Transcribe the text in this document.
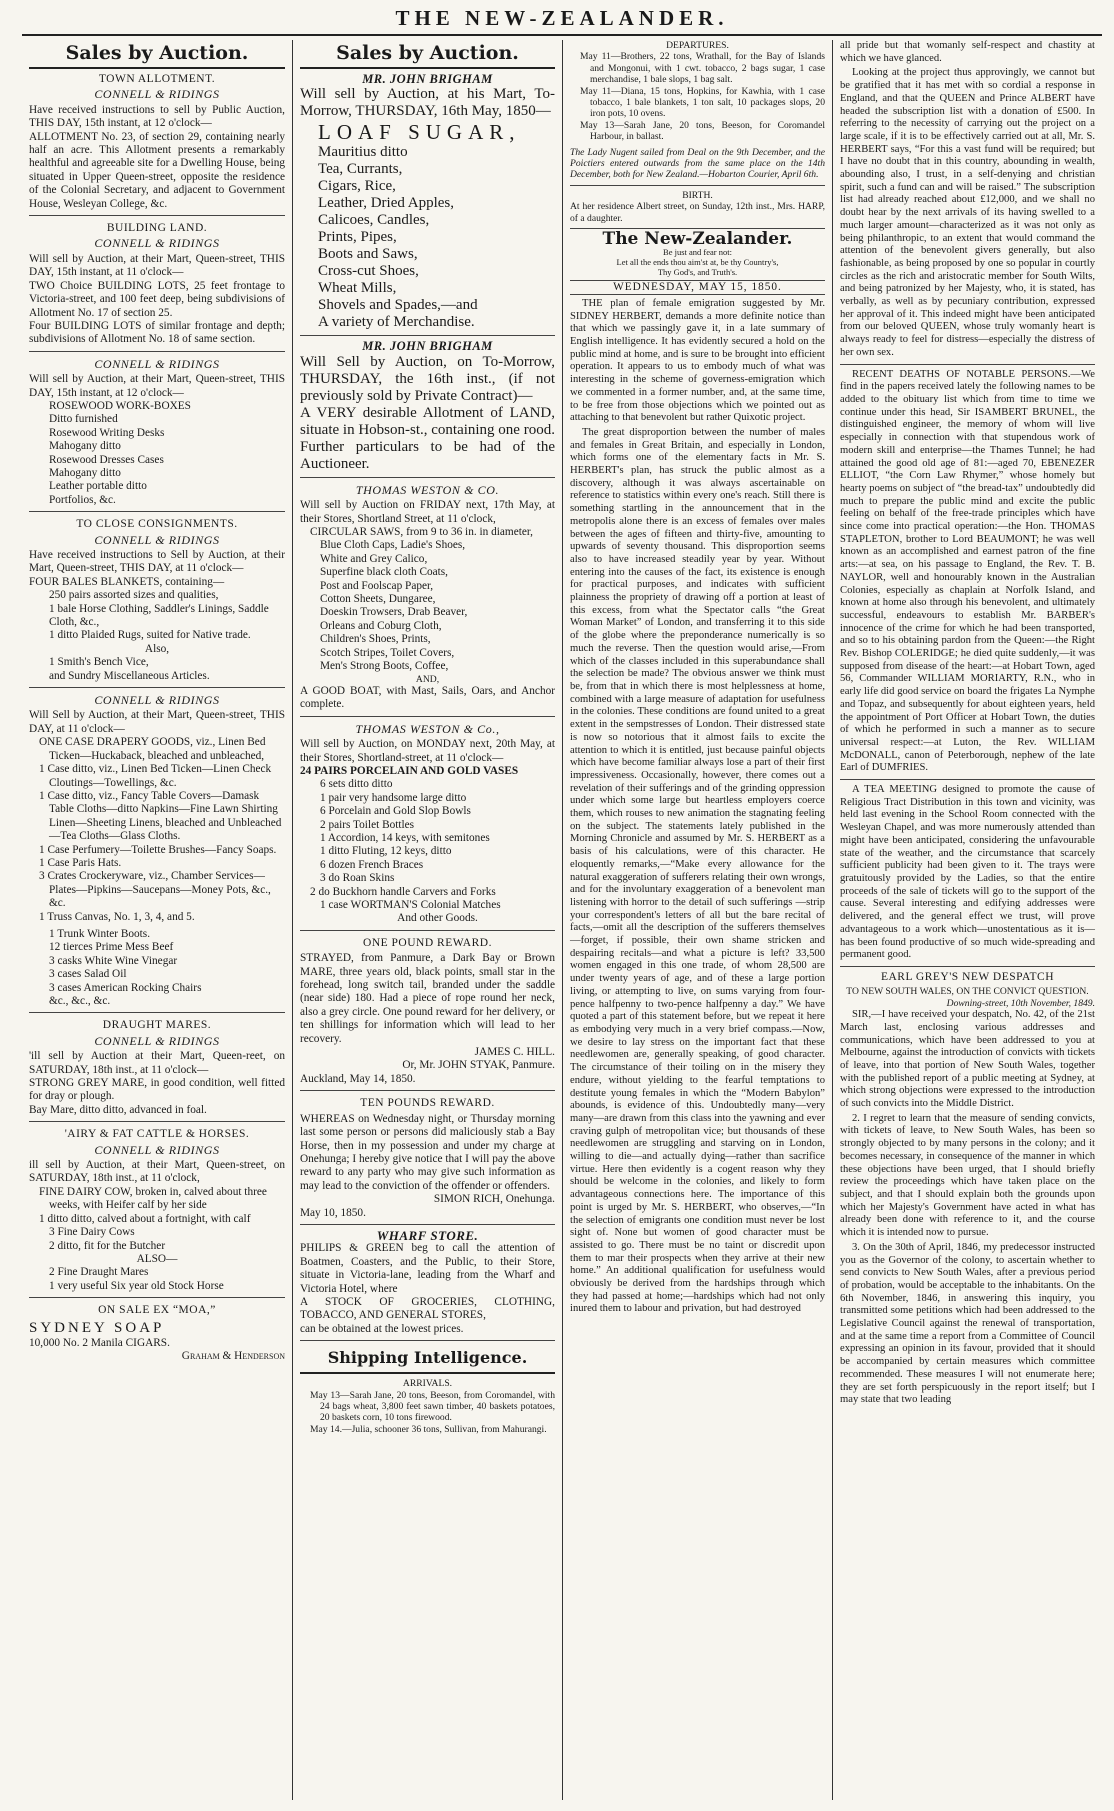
THE NEW-ZEALANDER.
Sales by Auction.
TOWN ALLOTMENT.
CONNELL & RIDINGS

Have received instructions to sell by Public Auction, THIS DAY, 15th instant, at 12 o'clock—

ALLOTMENT No. 23, of section 29, containing nearly half an acre. This Allotment presents a remarkably healthful and agreeable site for a Dwelling House, being situated in Upper Queen-street, opposite the residence of the Colonial Secretary, and adjacent to Government House, Wesleyan College, &c.

BUILDING LAND.
CONNELL & RIDINGS

Will sell by Auction, at their Mart, Queen-street, THIS DAY, 15th instant, at 11 o'clock—

TWO Choice BUILDING LOTS, 25 feet frontage to Victoria-street, and 100 feet deep, being subdivisions of Allotment No. 17 of section 25.

Four BUILDING LOTS of similar frontage and depth; subdivisions of Allotment No. 18 of same section.

CONNELL & RIDINGS

Will sell by Auction, at their Mart, Queen-street, THIS DAY, 15th instant, at 12 o'clock—

ROSEWOOD WORK-BOXES
Ditto furnished
Rosewood Writing Desks
Mahogany ditto
Rosewood Dresses Cases
Mahogany ditto
Leather portable ditto
Portfolios, &c.
TO CLOSE CONSIGNMENTS.
CONNELL & RIDINGS

Have received instructions to Sell by Auction, at their Mart, Queen-street, THIS DAY, at 11 o'clock—

FOUR BALES BLANKETS, containing—

250 pairs assorted sizes and qualities,
1 bale Horse Clothing, Saddler's Linings, Saddle Cloth, &c.,
1 ditto Plaided Rugs, suited for Native trade.
Also,
1 Smith's Bench Vice,
and Sundry Miscellaneous Articles.
CONNELL & RIDINGS

Will Sell by Auction, at their Mart, Queen-street, THIS DAY, at 11 o'clock—

ONE CASE DRAPERY GOODS, viz., Linen Bed Ticken—Huckaback, bleached and unbleached,
1 Case ditto, viz., Linen Bed Ticken—Linen Check Cloutings—Towellings, &c.
1 Case ditto, viz., Fancy Table Covers—Damask Table Cloths—ditto Napkins—Fine Lawn Shirting Linen—Sheeting Linens, bleached and Unbleached—Tea Cloths—Glass Cloths.
1 Case Perfumery—Toilette Brushes—Fancy Soaps.
1 Case Paris Hats.
3 Crates Crockeryware, viz., Chamber Services—Plates—Pipkins—Saucepans—Money Pots, &c., &c.
1 Truss Canvas, No. 1, 3, 4, and 5.
1 Trunk Winter Boots.
12 tierces Prime Mess Beef
3 casks White Wine Vinegar
3 cases Salad Oil
3 cases American Rocking Chairs
&c., &c., &c.
DRAUGHT MARES.
CONNELL & RIDINGS

'ill sell by Auction at their Mart, Queen-reet, on SATURDAY, 18th inst., at 11 o'clock—

STRONG GREY MARE, in good condition, well fitted for dray or plough.

Bay Mare, ditto ditto, advanced in foal.

'AIRY & FAT CATTLE & HORSES.
CONNELL & RIDINGS

ill sell by Auction, at their Mart, Queen-street, on SATURDAY, 18th inst., at 11 o'clock,

FINE DAIRY COW, broken in, calved about three weeks, with Heifer calf by her side
1 ditto ditto, calved about a fortnight, with calf
3 Fine Dairy Cows
2 ditto, fit for the Butcher
ALSO—
2 Fine Draught Mares
1 very useful Six year old Stock Horse
ON SALE EX “MOA,”
SYDNEY SOAP
10,000 No. 2 Manila CIGARS.
Graham & Henderson
Sales by Auction.
MR. JOHN BRIGHAM

Will sell by Auction, at his Mart, To-Morrow, THURSDAY, 16th May, 1850—

LOAF SUGAR,
Mauritius ditto
Tea, Currants,
Cigars, Rice,
Leather, Dried Apples,
Calicoes, Candles,
Prints, Pipes,
Boots and Saws,
Cross-cut Shoes,
Wheat Mills,
Shovels and Spades,—and
A variety of Merchandise.
MR. JOHN BRIGHAM

Will Sell by Auction, on To-Morrow, THURSDAY, the 16th inst., (if not previously sold by Private Contract)—

A VERY desirable Allotment of LAND, situate in Hobson-st., containing one rood.

Further particulars to be had of the Auctioneer.

THOMAS WESTON & CO.

Will sell by Auction on FRIDAY next, 17th May, at their Stores, Shortland Street, at 11 o'clock,

CIRCULAR SAWS, from 9 to 36 in. in diameter,
Blue Cloth Caps, Ladie's Shoes,
White and Grey Calico,
Superfine black cloth Coats,
Post and Foolscap Paper,
Cotton Sheets, Dungaree,
Doeskin Trowsers, Drab Beaver,
Orleans and Coburg Cloth,
Children's Shoes, Prints,
Scotch Stripes, Toilet Covers,
Men's Strong Boots, Coffee,
AND,

A GOOD BOAT, with Mast, Sails, Oars, and Anchor complete.

THOMAS WESTON & Co.,

Will sell by Auction, on MONDAY next, 20th May, at their Stores, Shortland-street, at 11 o'clock—

24 PAIRS PORCELAIN AND GOLD VASES

6 sets ditto ditto
1 pair very handsome large ditto
6 Porcelain and Gold Slop Bowls
2 pairs Toilet Bottles
1 Accordion, 14 keys, with semitones
1 ditto Fluting, 12 keys, ditto
6 dozen French Braces
3 do Roan Skins
2 do Buckhorn handle Carvers and Forks
1 case WORTMAN'S Colonial Matches
And other Goods.
ONE POUND REWARD.

STRAYED, from Panmure, a Dark Bay or Brown MARE, three years old, black points, small star in the forehead, long switch tail, branded under the saddle (near side) 180. Had a piece of rope round her neck, also a grey circle. One pound reward for her delivery, or ten shillings for information which will lead to her recovery.

JAMES C. HILL.
Or, Mr. JOHN STYAK, Panmure.
Auckland, May 14, 1850.
TEN POUNDS REWARD.

WHEREAS on Wednesday night, or Thursday morning last some person or persons did maliciously stab a Bay Horse, then in my possession and under my charge at Onehunga; I hereby give notice that I will pay the above reward to any party who may give such information as may lead to the conviction of the offender or offenders.

SIMON RICH, Onehunga.
May 10, 1850.
WHARF STORE.

PHILIPS & GREEN beg to call the attention of Boatmen, Coasters, and the Public, to their Store, situate in Victoria-lane, leading from the Wharf and Victoria Hotel, where

A STOCK OF GROCERIES, CLOTHING, TOBACCO, AND GENERAL STORES,

can be obtained at the lowest prices.

Shipping Intelligence.
ARRIVALS.

May 13—Sarah Jane, 20 tons, Beeson, from Coromandel, with 24 bags wheat, 3,800 feet sawn timber, 40 baskets potatoes, 20 baskets corn, 10 tons firewood.

May 14.—Julia, schooner 36 tons, Sullivan, from Mahurangi.

DEPARTURES.

May 11—Brothers, 22 tons, Wrathall, for the Bay of Islands and Mongonui, with 1 cwt. tobacco, 2 bags sugar, 1 case merchandise, 1 bale slops, 1 bag salt.

May 11—Diana, 15 tons, Hopkins, for Kawhia, with 1 case tobacco, 1 bale blankets, 1 ton salt, 10 packages slops, 20 iron pots, 10 ovens.

May 13—Sarah Jane, 20 tons, Beeson, for Coromandel Harbour, in ballast.

The Lady Nugent sailed from Deal on the 9th December, and the Poictiers entered outwards from the same place on the 14th December, both for New Zealand.—Hobarton Courier, April 6th.

BIRTH.

At her residence Albert street, on Sunday, 12th inst., Mrs. HARP, of a daughter.

The New-Zealander.
Be just and fear not:
Let all the ends thou aim'st at, be thy Country's,
Thy God's, and Truth's.
WEDNESDAY, MAY 15, 1850.

THE plan of female emigration suggested by Mr. SIDNEY HERBERT, demands a more definite notice than that which we passingly gave it, in a late summary of English intelligence. It has evidently secured a hold on the public mind at home, and is sure to be brought into efficient operation. It appears to us to embody much of what was interesting in the scheme of governess-emigration which we commented in a former number, and, at the same time, to be free from those objections which we pointed out as attaching to that benevolent but rather Quixotic project.

The great disproportion between the number of males and females in Great Britain, and especially in London, which forms one of the elementary facts in Mr. S. HERBERT's plan, has struck the public almost as a discovery, although it was always ascertainable on reference to statistics within every one's reach. Still there is something startling in the announcement that in the metropolis alone there is an excess of females over males between the ages of fifteen and thirty-five, amounting to upwards of seventy thousand. This disproportion seems also to have increased steadily year by year. Without entering into the causes of the fact, its existence is enough for practical purposes, and indicates with sufficient plainness the propriety of drawing off a portion at least of this excess, from what the Spectator calls “the Great Woman Market” of London, and transferring it to this side of the globe where the preponderance numerically is so much the reverse. Then the question would arise,—From which of the classes included in this superabundance shall the selection be made? The obvious answer we think must be, from that in which there is most helplessness at home, combined with a large measure of adaptation for usefulness in the colonies. These conditions are found united to a great extent in the sempstresses of London. Their distressed state is now so notorious that it almost fails to excite the attention to which it is entitled, just because painful objects which have become familiar always lose a part of their first impressiveness. Occasionally, however, there comes out a revelation of their sufferings and of the grinding oppression under which some large but heartless employers coerce them, which rouses to new animation the stagnating feeling on the subject. The statements lately published in the Morning Chronicle and assumed by Mr. S. HERBERT as a basis of his calculations, were of this character. He eloquently remarks,—“Make every allowance for the natural exaggeration of sufferers relating their own wrongs, and for the involuntary exaggeration of a benevolent man listening with horror to the detail of such sufferings —strip your correspondent's letters of all but the bare recital of facts,—omit all the description of the sufferers themselves—forget, if possible, their own shame stricken and despairing recitals—and what a picture is left? 33,500 women engaged in this one trade, of whom 28,500 are under twenty years of age, and of these a large portion living, or attempting to live, on sums varying from four-pence halfpenny to two-pence halfpenny a day.” We have quoted a part of this statement before, but we repeat it here as embodying very much in a very brief compass.—Now, we desire to lay stress on the important fact that these needlewomen are, generally speaking, of good character. The circumstance of their toiling on in the misery they endure, without yielding to the fearful temptations to destitute young females in which the “Modern Babylon” abounds, is evidence of this. Undoubtedly many—very many—are drawn from this class into the yawning and ever craving gulph of metropolitan vice; but thousands of these needlewomen are struggling and starving on in London, willing to die—and actually dying—rather than sacrifice virtue. Here then evidently is a cogent reason why they should be welcome in the colonies, and likely to form advantageous connections here. The importance of this point is urged by Mr. S. HERBERT, who observes,—“In the selection of emigrants one condition must never be lost sight of. None but women of good character must be assisted to go. There must be no taint or discredit upon them to mar their prospects when they arrive at their new home.” An additional qualification for usefulness would obviously be derived from the hardships through which they had passed at home;—hardships which had not only inured them to labour and privation, but had destroyed

all pride but that womanly self-respect and chastity at which we have glanced.

Looking at the project thus approvingly, we cannot but be gratified that it has met with so cordial a response in England, and that the QUEEN and Prince ALBERT have headed the subscription list with a donation of £500. In referring to the necessity of carrying out the project on a large scale, if it is to be effectively carried out at all, Mr. S. HERBERT says, “For this a vast fund will be required; but I have no doubt that in this country, abounding in wealth, abounding also, I trust, in a self-denying and christian spirit, such a fund can and will be raised.” The subscription list had already reached about £12,000, and we shall no doubt hear by the next arrivals of its having swelled to a much larger amount—characterized as it was not only as being philanthropic, to an extent that would command the attention of the benevolent givers generally, but also fashionable, as being proposed by one so popular in courtly circles as the rich and aristocratic member for South Wilts, and being patronized by her Majesty, who, it is stated, has verbally, as well as by pecuniary contribution, expressed her approval of it. This indeed might have been anticipated from our beloved QUEEN, whose truly womanly heart is always ready to feel for distress—especially the distress of her own sex.

RECENT DEATHS OF NOTABLE PERSONS.—We find in the papers received lately the following names to be added to the obituary list which from time to time we continue under this head, Sir ISAMBERT BRUNEL, the distinguished engineer, the memory of whom will live especially in connection with that stupendous work of modern skill and enterprise—the Thames Tunnel; he had attained the good old age of 81:—aged 70, EBENEZER ELLIOT, “the Corn Law Rhymer,” whose homely but hearty poems on subject of “the bread-tax” undoubtedly did much to prepare the public mind and excite the public feeling on behalf of the free-trade principles which have since come into practical operation:—the Hon. THOMAS STAPLETON, brother to Lord BEAUMONT; he was well known as an accomplished and earnest patron of the fine arts:—at sea, on his passage to England, the Rev. T. B. NAYLOR, well and honourably known in the Australian Colonies, especially as chaplain at Norfolk Island, and known at home also through his benevolent, and ultimately successful, endeavours to establish Mr. BARBER's innocence of the crime for which he had been transported, and so to his obtaining pardon from the Queen:—the Right Rev. Bishop COLERIDGE; he died quite suddenly,—it was supposed from disease of the heart:—at Hobart Town, aged 56, Commander WILLIAM MORIARTY, R.N., who in early life did good service on board the frigates La Nymphe and Topaz, and subsequently for about eighteen years, held the appointment of Port Officer at Hobart Town, the duties of which he performed in such a manner as to secure universal respect:—at Luton, the Rev. WILLIAM McDONALL, canon of Peterborough, nephew of the late Earl of DUMFRIES.

A TEA MEETING designed to promote the cause of Religious Tract Distribution in this town and vicinity, was held last evening in the School Room connected with the Wesleyan Chapel, and was more numerously attended than might have been anticipated, considering the unfavourable state of the weather, and the circumstance that scarcely sufficient publicity had been given to it. The trays were gratuitously provided by the Ladies, so that the entire proceeds of the sale of tickets will go to the support of the cause. Several interesting and edifying addresses were delivered, and the general effect we trust, will prove advantageous to a work which—unostentatious as it is—has been found productive of so much wide-spreading and permanent good.

EARL GREY'S NEW DESPATCH
TO NEW SOUTH WALES, ON THE CONVICT QUESTION.
Downing-street, 10th November, 1849.

SIR,—I have received your despatch, No. 42, of the 21st March last, enclosing various addresses and communications, which have been addressed to you at Melbourne, against the introduction of convicts with tickets of leave, into that portion of New South Wales, together with the published report of a public meeting at Sydney, at which strong objections were expressed to the introduction of such convicts into the Middle District.

2. I regret to learn that the measure of sending convicts, with tickets of leave, to New South Wales, has been so strongly objected to by many persons in the colony; and it becomes necessary, in consequence of the manner in which these objections have been urged, that I should briefly review the proceedings which have taken place on the subject, and that I should explain both the grounds upon which her Majesty's Government have acted in what has already been done with reference to it, and the course which it is intended now to pursue.

3. On the 30th of April, 1846, my predecessor instructed you as the Governor of the colony, to ascertain whether to send convicts to New South Wales, after a previous period of probation, would be acceptable to the inhabitants. On the 6th November, 1846, in answering this inquiry, you transmitted some petitions which had been addressed to the Legislative Council against the renewal of transportation, and at the same time a report from a Committee of Council expressing an opinion in its favour, provided that it should be accompanied by certain measures which committee recommended. These measures I will not enumerate here; they are set forth perspicuously in the report itself; but I may state that two leading
